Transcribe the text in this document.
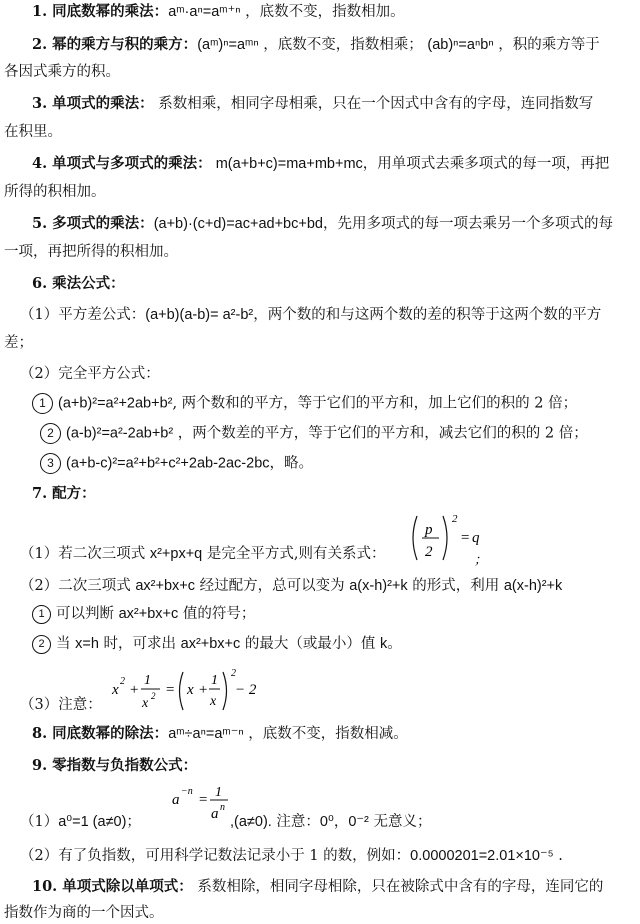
1. 同底数幂的乘法：aᵐ·aⁿ=aᵐ⁺ⁿ ，底数不变，指数相加。
2. 幂的乘方与积的乘方：(aᵐ)ⁿ=aᵐⁿ ，底数不变，指数相乘； (ab)ⁿ=aⁿbⁿ ，积的乘方等于
各因式乘方的积。
3. 单项式的乘法： 系数相乘，相同字母相乘，只在一个因式中含有的字母，连同指数写
在积里。
4. 单项式与多项式的乘法： m(a+b+c)=ma+mb+mc，用单项式去乘多项式的每一项，再把
所得的积相加。
5. 多项式的乘法：(a+b)·(c+d)=ac+ad+bc+bd，先用多项式的每一项去乘另一个多项式的每
一项，再把所得的积相加。
6. 乘法公式：
（1）平方差公式：(a+b)(a-b)= a²-b²，两个数的和与这两个数的差的积等于这两个数的平方
差；
（2）完全平方公式：
1 (a+b)²=a²+2ab+b², 两个数和的平方，等于它们的平方和，加上它们的积的 2 倍；
2 (a-b)²=a²-2ab+b² ，两个数差的平方，等于它们的平方和，减去它们的积的 2 倍；
3 (a+b-c)²=a²+b²+c²+2ab-2ac-2bc，略。
7. 配方：
（1）若二次三项式 x²+px+q 是完全平方式,则有关系式：
（2）二次三项式 ax²+bx+c 经过配方，总可以变为 a(x-h)²+k 的形式，利用 a(x-h)²+k
1 可以判断 ax²+bx+c 值的符号；
2 当 x=h 时，可求出 ax²+bx+c 的最大（或最小）值 k。
（3）注意：
8. 同底数幂的除法：aᵐ÷aⁿ=aᵐ⁻ⁿ ，底数不变，指数相减。
9. 零指数与负指数公式：
（1）a⁰=1 (a≠0)；	,(a≠0). 注意：0⁰，0⁻² 无意义；
（2）有了负指数，可用科学记数法记录小于 1 的数，例如：0.0000201=2.01×10⁻⁵ .
10. 单项式除以单项式： 系数相除，相同字母相除，只在被除式中含有的字母，连同它的
指数作为商的一个因式。
p
2
2
= q
；
x
2
+
1
x 2 = x +
1
x
2
− 2
a
−n
= 1
a n
